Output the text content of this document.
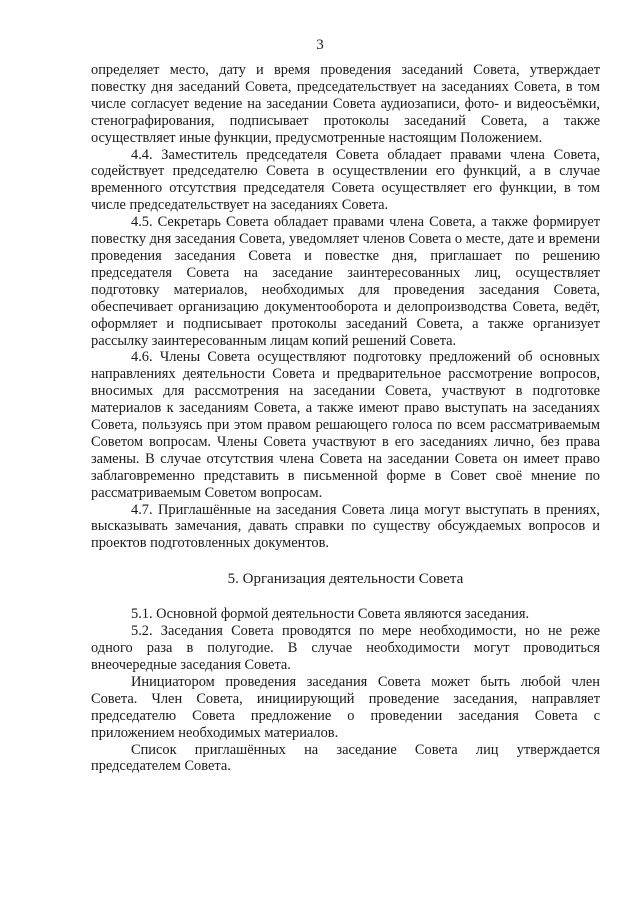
3

определяет место, дату и время проведения заседаний Совета, утверждает повестку дня заседаний Совета, председательствует на заседаниях Совета, в том числе согласует ведение на заседании Совета аудиозаписи, фото- и видеосъёмки, стенографирования, подписывает протоколы заседаний Совета, а также осуществляет иные функции, предусмотренные настоящим Положением.

4.4. Заместитель председателя Совета обладает правами члена Совета, содействует председателю Совета в осуществлении его функций, а в случае временного отсутствия председателя Совета осуществляет его функции, в том числе председательствует на заседаниях Совета.

4.5. Секретарь Совета обладает правами члена Совета, а также формирует повестку дня заседания Совета, уведомляет членов Совета о месте, дате и времени проведения заседания Совета и повестке дня, приглашает по решению председателя Совета на заседание заинтересованных лиц, осуществляет подготовку материалов, необходимых для проведения заседания Совета, обеспечивает организацию документооборота и делопроизводства Совета, ведёт, оформляет и подписывает протоколы заседаний Совета, а также организует рассылку заинтересованным лицам копий решений Совета.

4.6. Члены Совета осуществляют подготовку предложений об основных направлениях деятельности Совета и предварительное рассмотрение вопросов, вносимых для рассмотрения на заседании Совета, участвуют в подготовке материалов к заседаниям Совета, а также имеют право выступать на заседаниях Совета, пользуясь при этом правом решающего голоса по всем рассматриваемым Советом вопросам. Члены Совета участвуют в его заседаниях лично, без права замены. В случае отсутствия члена Совета на заседании Совета он имеет право заблаговременно представить в письменной форме в Совет своё мнение по рассматриваемым Советом вопросам.

4.7. Приглашённые на заседания Совета лица могут выступать в прениях, высказывать замечания, давать справки по существу обсуждаемых вопросов и проектов подготовленных документов.

5. Организация деятельности Совета

5.1. Основной формой деятельности Совета являются заседания.

5.2. Заседания Совета проводятся по мере необходимости, но не реже одного раза в полугодие. В случае необходимости могут проводиться внеочередные заседания Совета.

Инициатором проведения заседания Совета может быть любой член Совета. Член Совета, инициирующий проведение заседания, направляет председателю Совета предложение о проведении заседания Совета с приложением необходимых материалов.

Список приглашённых на заседание Совета лиц утверждается председателем Совета.
